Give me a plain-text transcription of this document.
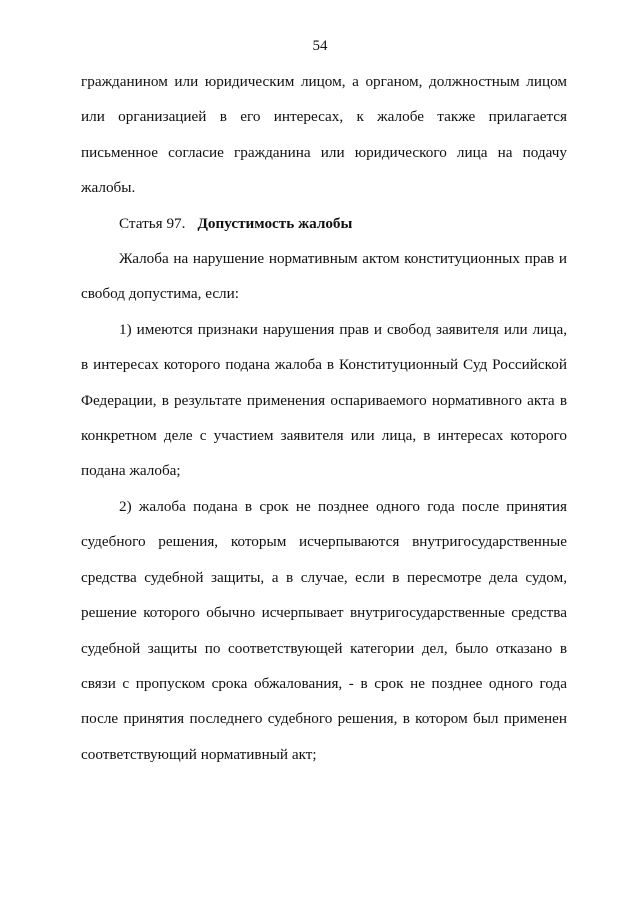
54

гражданином или юридическим лицом, а органом, должностным лицом или организацией в его интересах, к жалобе также прилагается письменное согласие гражданина или юридического лица на подачу жалобы.

Статья 97. Допустимость жалобы

Жалоба на нарушение нормативным актом конституционных прав и свобод допустима, если:

1) имеются признаки нарушения прав и свобод заявителя или лица, в интересах которого подана жалоба в Конституционный Суд Российской Федерации, в результате применения оспариваемого нормативного акта в конкретном деле с участием заявителя или лица, в интересах которого подана жалоба;

2) жалоба подана в срок не позднее одного года после принятия судебного решения, которым исчерпываются внутригосударственные средства судебной защиты, а в случае, если в пересмотре дела судом, решение которого обычно исчерпывает внутригосударственные средства судебной защиты по соответствующей категории дел, было отказано в связи с пропуском срока обжалования, - в срок не позднее одного года после принятия последнего судебного решения, в котором был применен соответствующий нормативный акт;
